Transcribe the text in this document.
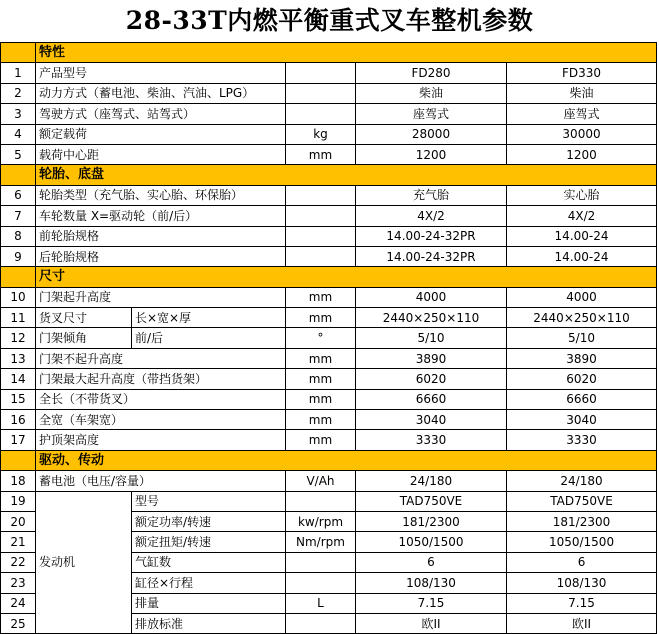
28-33T内燃平衡重式叉车整机参数
	特性				
1	产品型号			FD280	FD330
2	动力方式（蓄电池、柴油、汽油、LPG）			柴油	柴油
3	驾驶方式（座驾式、站驾式）			座驾式	座驾式
4	额定载荷		kg	28000	30000
5	载荷中心距		mm	1200	1200
	轮胎、底盘				
6	轮胎类型（充气胎、实心胎、环保胎）			充气胎	实心胎
7	车轮数量 X=驱动轮（前/后）			4X/2	4X/2
8	前轮胎规格			14.00-24-32PR	14.00-24
9	后轮胎规格			14.00-24-32PR	14.00-24
	尺寸				
10	门架起升高度		mm	4000	4000
11	货叉尺寸	长×宽×厚	mm	2440×250×110	2440×250×110
12	门架倾角	前/后	°	5/10	5/10
13	门架不起升高度		mm	3890	3890
14	门架最大起升高度（带挡货架）		mm	6020	6020
15	全长（不带货叉）		mm	6660	6660
16	全宽（车架宽）		mm	3040	3040
17	护顶架高度		mm	3330	3330
	驱动、传动				
18	蓄电池（电压/容量）		V/Ah	24/180	24/180
19	发动机	型号		TAD750VE	TAD750VE
20		额定功率/转速	kw/rpm	181/2300	181/2300
21		额定扭矩/转速	Nm/rpm	1050/1500	1050/1500
22		气缸数		6	6
23		缸径×行程		108/130	108/130
24		排量	L	7.15	7.15
25		排放标准		欧II	欧II
